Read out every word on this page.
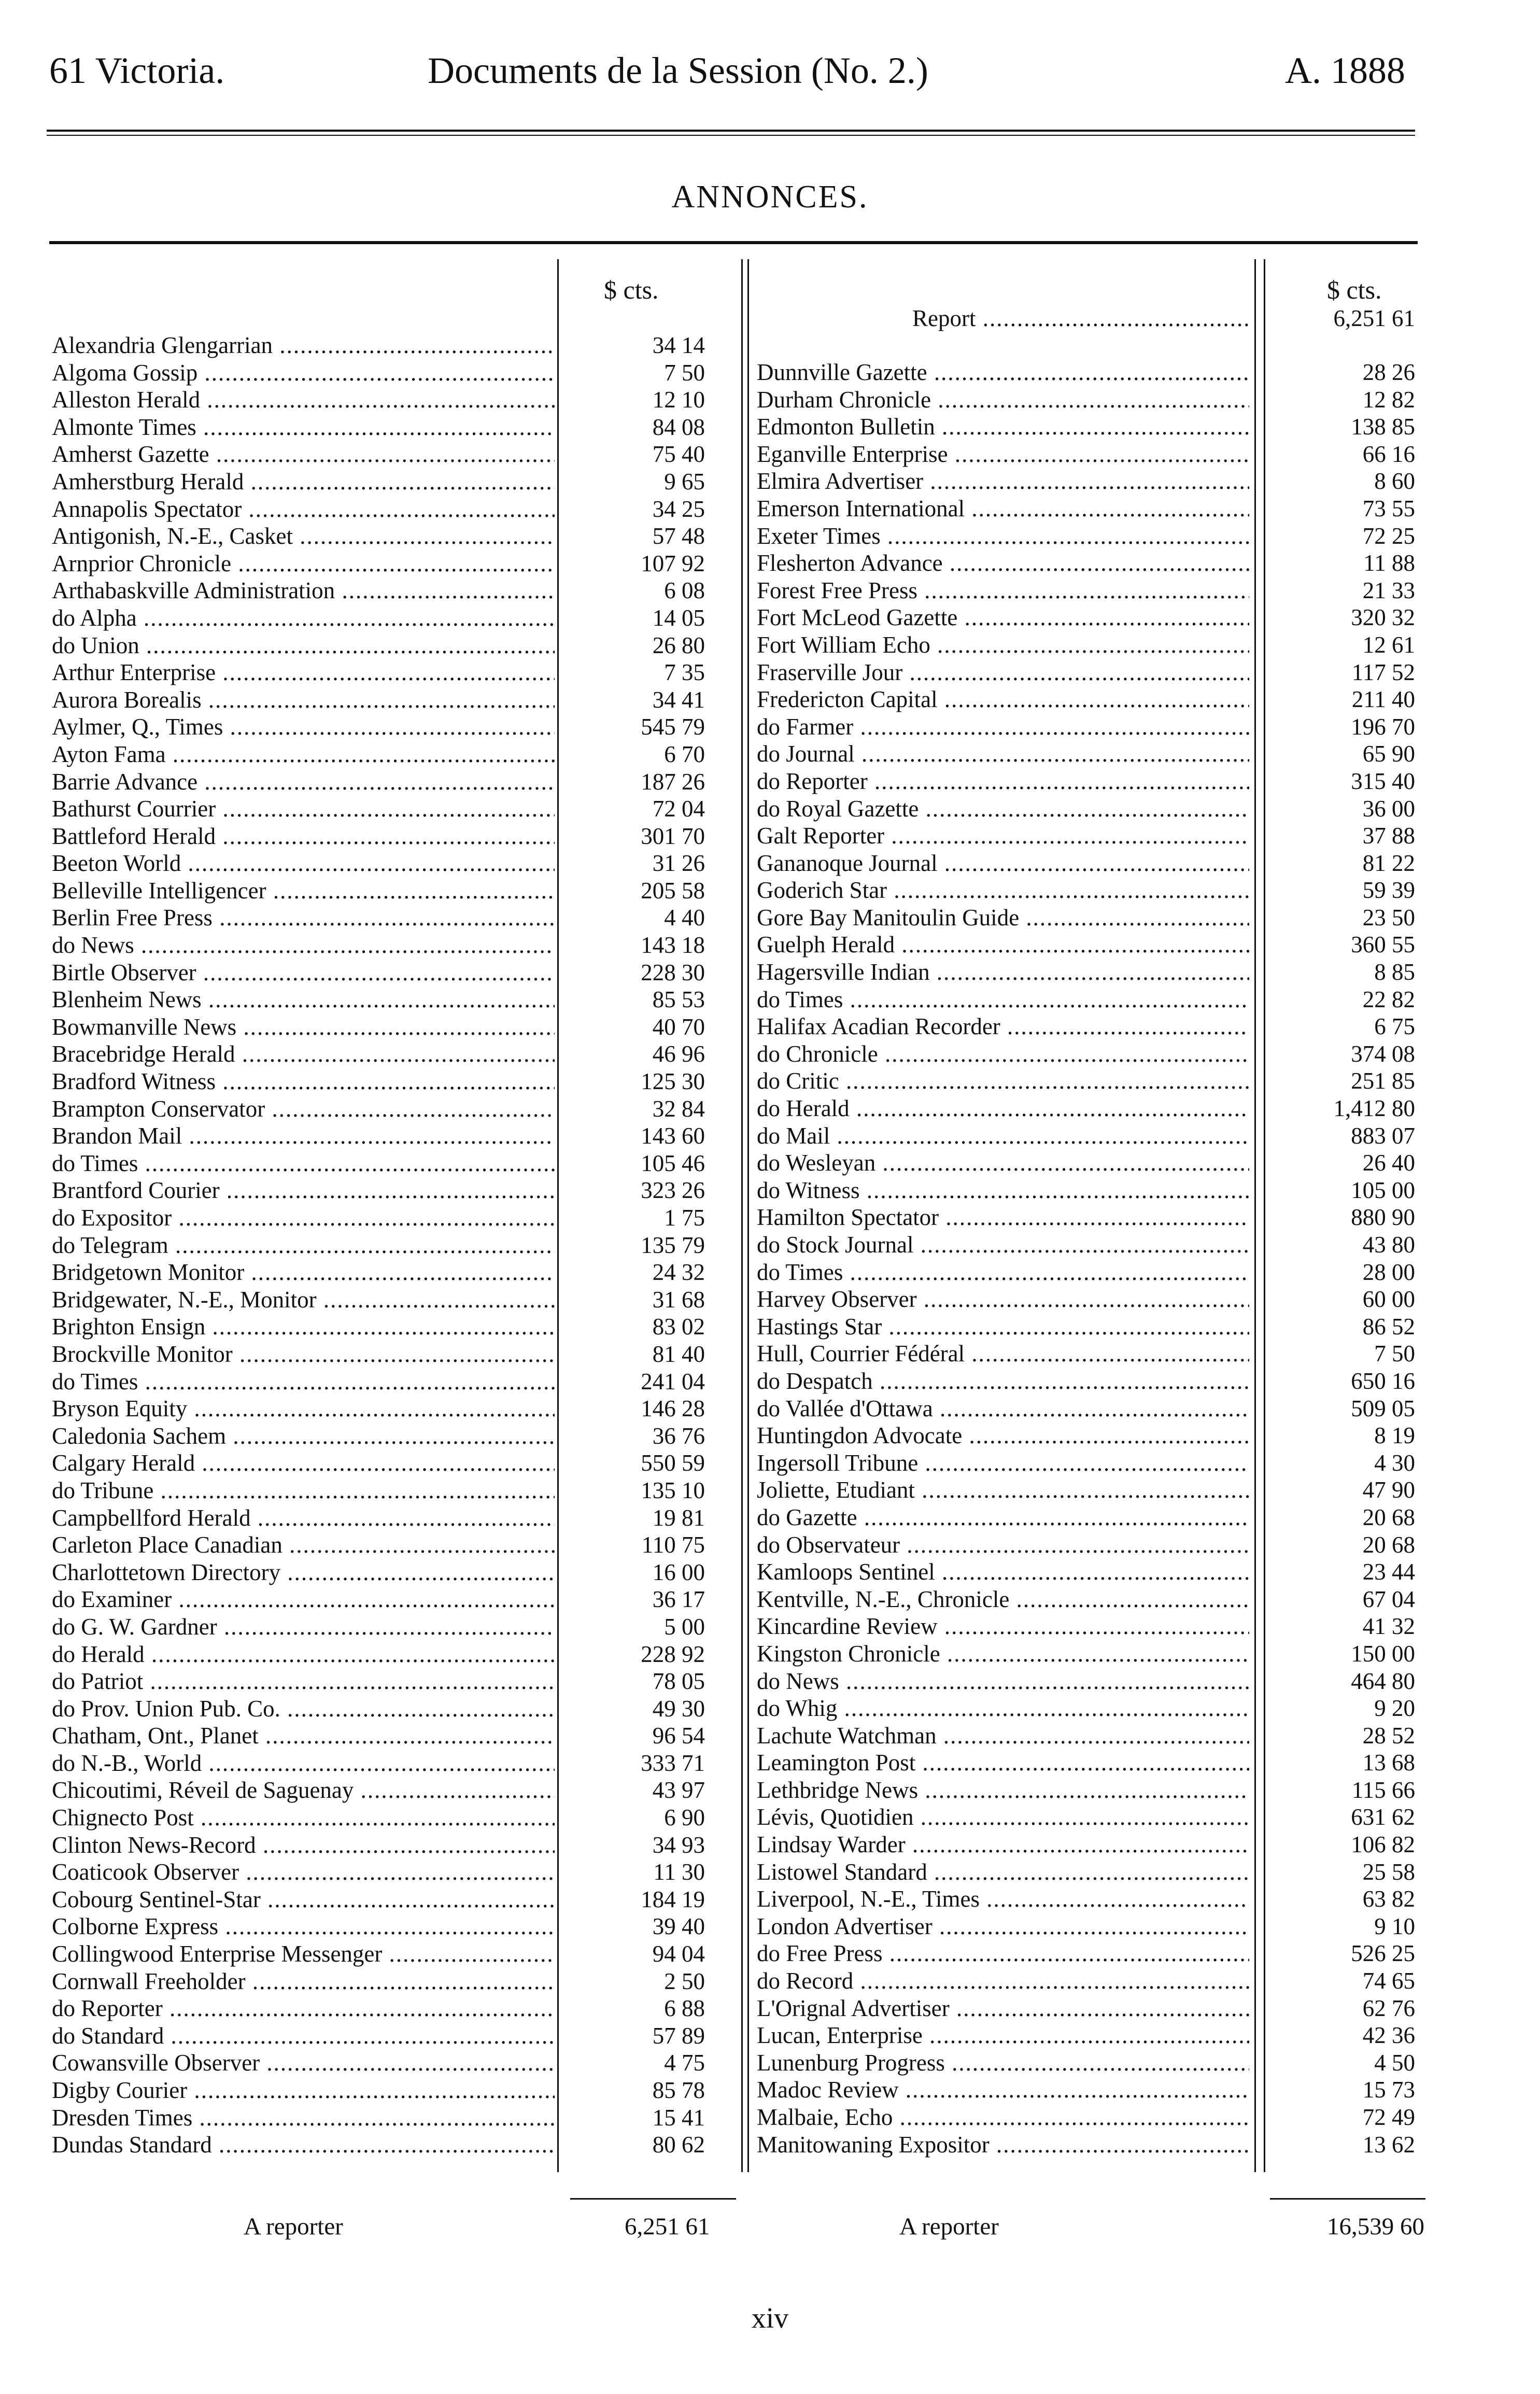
61 Victoria.	Documents de la Session (No. 2.)	A. 1888
ANNONCES.
$ cts.	$ cts.
Report .....	6,251 61
Alexandria Glengarrian .....	34 14
Algoma Gossip .....	7 50
Alleston Herald .....	12 10
Almonte Times .....	84 08
Amherst Gazette .....	75 40
Amherstburg Herald .....	9 65
Annapolis Spectator .....	34 25
Antigonish, N.-E., Casket .....	57 48
Arnprior Chronicle .....	107 92
Arthabaskville Administration .....	6 08
do Alpha .....	14 05
do Union .....	26 80
Arthur Enterprise .....	7 35
Aurora Borealis .....	34 41
Aylmer, Q., Times .....	545 79
Ayton Fama .....	6 70
Barrie Advance .....	187 26
Bathurst Courrier .....	72 04
Battleford Herald .....	301 70
Beeton World .....	31 26
Belleville Intelligencer .....	205 58
Berlin Free Press .....	4 40
do News .....	143 18
Birtle Observer .....	228 30
Blenheim News .....	85 53
Bowmanville News .....	40 70
Bracebridge Herald .....	46 96
Bradford Witness .....	125 30
Brampton Conservator .....	32 84
Brandon Mail .....	143 60
do Times .....	105 46
Brantford Courier .....	323 26
do Expositor .....	1 75
do Telegram .....	135 79
Bridgetown Monitor .....	24 32
Bridgewater, N.-E., Monitor .....	31 68
Brighton Ensign .....	83 02
Brockville Monitor .....	81 40
do Times .....	241 04
Bryson Equity .....	146 28
Caledonia Sachem .....	36 76
Calgary Herald .....	550 59
do Tribune .....	135 10
Campbellford Herald .....	19 81
Carleton Place Canadian .....	110 75
Charlottetown Directory .....	16 00
do Examiner .....	36 17
do G. W. Gardner .....	5 00
do Herald .....	228 92
do Patriot .....	78 05
do Prov. Union Pub. Co. .....	49 30
Chatham, Ont., Planet .....	96 54
do N.-B., World .....	333 71
Chicoutimi, Réveil de Saguenay .....	43 97
Chignecto Post .....	6 90
Clinton News-Record .....	34 93
Coaticook Observer .....	11 30
Cobourg Sentinel-Star .....	184 19
Colborne Express .....	39 40
Collingwood Enterprise Messenger .....	94 04
Cornwall Freeholder .....	2 50
do Reporter .....	6 88
do Standard .....	57 89
Cowansville Observer .....	4 75
Digby Courier .....	85 78
Dresden Times .....	15 41
Dundas Standard .....	80 62
Dunnville Gazette .....	28 26
Durham Chronicle .....	12 82
Edmonton Bulletin .....	138 85
Eganville Enterprise .....	66 16
Elmira Advertiser .....	8 60
Emerson International .....	73 55
Exeter Times .....	72 25
Flesherton Advance .....	11 88
Forest Free Press .....	21 33
Fort McLeod Gazette .....	320 32
Fort William Echo .....	12 61
Fraserville Jour .....	117 52
Fredericton Capital .....	211 40
do Farmer .....	196 70
do Journal .....	65 90
do Reporter .....	315 40
do Royal Gazette .....	36 00
Galt Reporter .....	37 88
Gananoque Journal .....	81 22
Goderich Star .....	59 39
Gore Bay Manitoulin Guide .....	23 50
Guelph Herald .....	360 55
Hagersville Indian .....	8 85
do Times .....	22 82
Halifax Acadian Recorder .....	6 75
do Chronicle .....	374 08
do Critic .....	251 85
do Herald .....	1,412 80
do Mail .....	883 07
do Wesleyan .....	26 40
do Witness .....	105 00
Hamilton Spectator .....	880 90
do Stock Journal .....	43 80
do Times .....	28 00
Harvey Observer .....	60 00
Hastings Star .....	86 52
Hull, Courrier Fédéral .....	7 50
do Despatch .....	650 16
do Vallée d'Ottawa .....	509 05
Huntingdon Advocate .....	8 19
Ingersoll Tribune .....	4 30
Joliette, Etudiant .....	47 90
do Gazette .....	20 68
do Observateur .....	20 68
Kamloops Sentinel .....	23 44
Kentville, N.-E., Chronicle .....	67 04
Kincardine Review .....	41 32
Kingston Chronicle .....	150 00
do News .....	464 80
do Whig .....	9 20
Lachute Watchman .....	28 52
Leamington Post .....	13 68
Lethbridge News .....	115 66
Lévis, Quotidien .....	631 62
Lindsay Warder .....	106 82
Listowel Standard .....	25 58
Liverpool, N.-E., Times .....	63 82
London Advertiser .....	9 10
do Free Press .....	526 25
do Record .....	74 65
L'Orignal Advertiser .....	62 76
Lucan, Enterprise .....	42 36
Lunenburg Progress .....	4 50
Madoc Review .....	15 73
Malbaie, Echo .....	72 49
Manitowaning Expositor .....	13 62
A reporter	6,251 61	A reporter	16,539 60
xiv
